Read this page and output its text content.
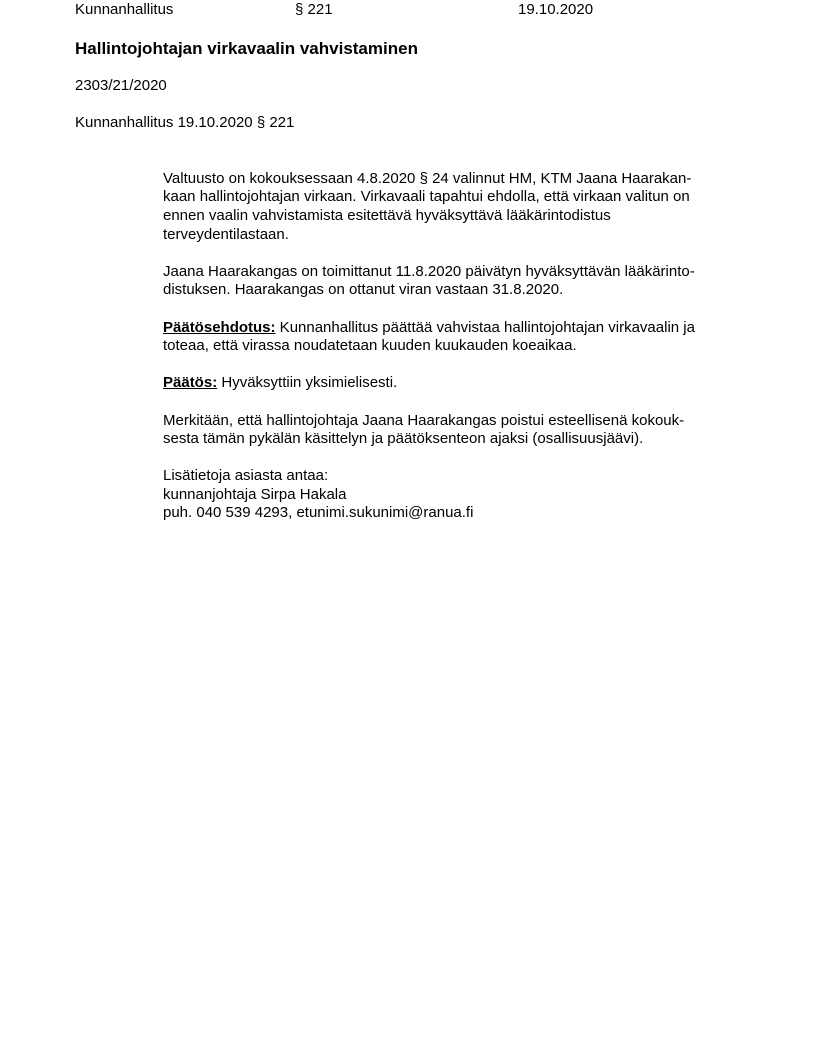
Kunnanhallitus	§ 221	19.10.2020
Hallintojohtajan virkavaalin vahvistaminen
2303/21/2020
Kunnanhallitus 19.10.2020 § 221
Valtuusto on kokouksessaan 4.8.2020 § 24 valinnut HM, KTM Jaana Haarakan-
kaan hallintojohtajan virkaan. Virkavaali tapahtui ehdolla, että virkaan valitun on
ennen vaalin vahvistamista esitettävä hyväksyttävä lääkärintodistus
terveydentilastaan.
Jaana Haarakangas on toimittanut 11.8.2020 päivätyn hyväksyttävän lääkärinto-
distuksen. Haarakangas on ottanut viran vastaan 31.8.2020.
Päätösehdotus: Kunnanhallitus päättää vahvistaa hallintojohtajan virkavaalin ja
toteaa, että virassa noudatetaan kuuden kuukauden koeaikaa.
Päätös: Hyväksyttiin yksimielisesti.
Merkitään, että hallintojohtaja Jaana Haarakangas poistui esteellisenä kokouk-
sesta tämän pykälän käsittelyn ja päätöksenteon ajaksi (osallisuusjäävi).
Lisätietoja asiasta antaa:
kunnanjohtaja Sirpa Hakala
puh. 040 539 4293, etunimi.sukunimi@ranua.fi
